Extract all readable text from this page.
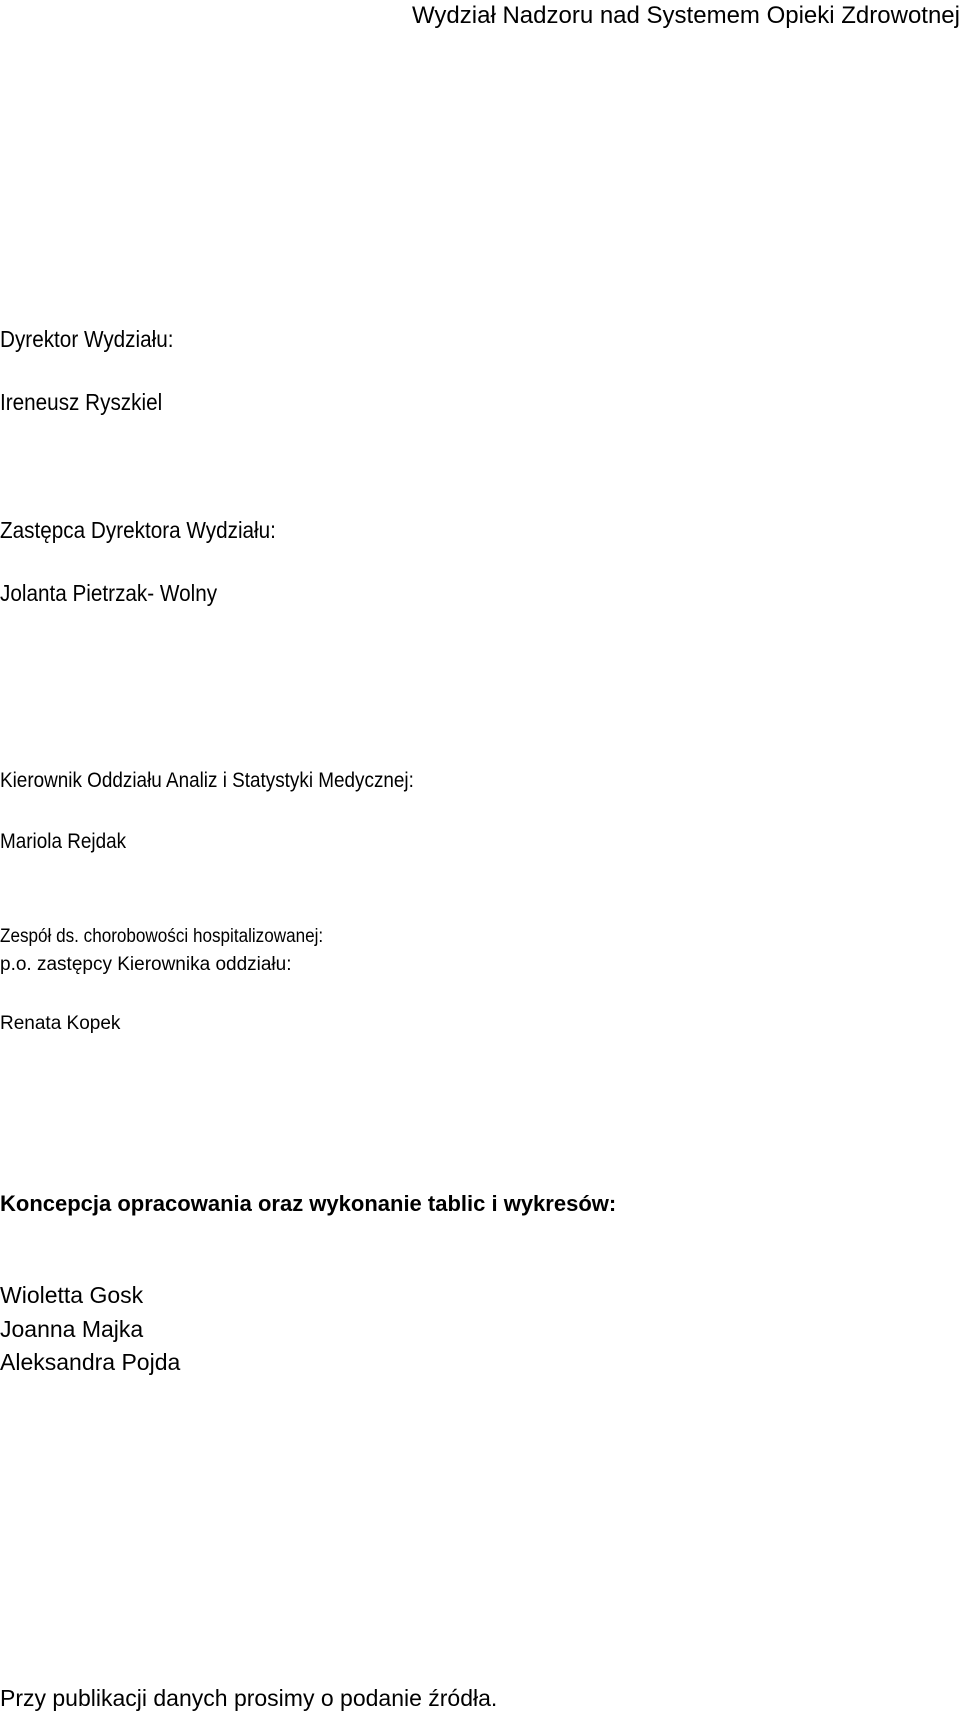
Wydział Nadzoru nad Systemem Opieki Zdrowotnej
Dyrektor Wydziału:
Ireneusz Ryszkiel
Zastępca Dyrektora Wydziału:
Jolanta Pietrzak- Wolny
Kierownik Oddziału Analiz i Statystyki Medycznej:
Mariola Rejdak
Zespół ds. chorobowości hospitalizowanej:
p.o. zastępcy Kierownika oddziału:
Renata Kopek
Koncepcja opracowania oraz wykonanie tablic i wykresów:
Wioletta Gosk
Joanna Majka
Aleksandra Pojda
Przy publikacji danych prosimy o podanie źródła.
